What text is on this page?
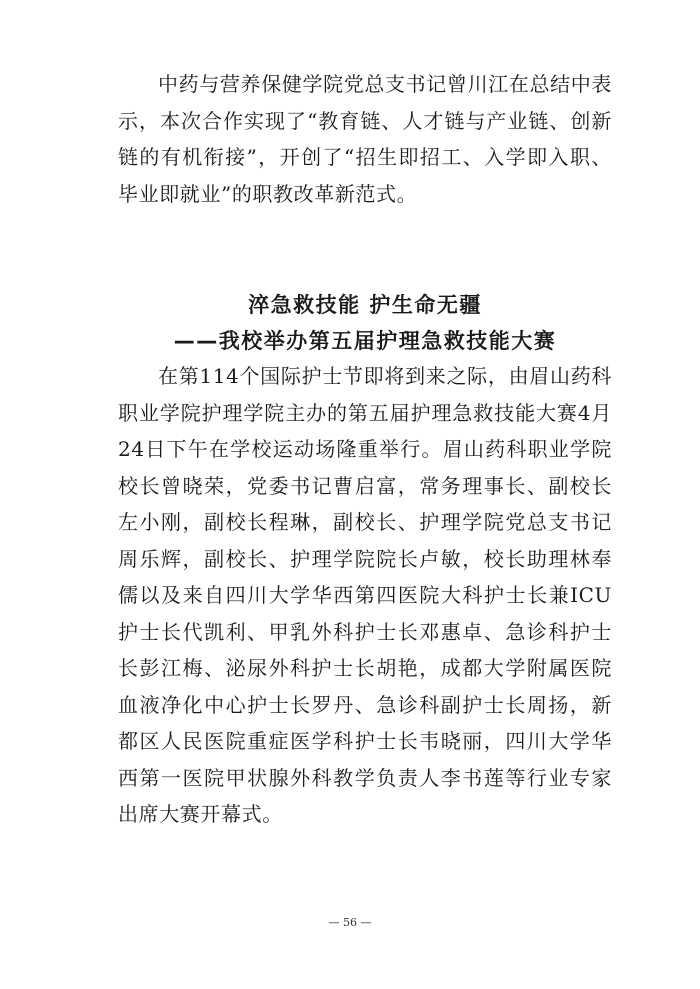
中药与营养保健学院党总支书记曾川江在总结中表示，本次合作实现了“教育链、人才链与产业链、创新链的有机衔接”，开创了“招生即招工、入学即入职、毕业即就业”的职教改革新范式。

淬急救技能 护生命无疆
——我校举办第五届护理急救技能大赛

在第114个国际护士节即将到来之际，由眉山药科职业学院护理学院主办的第五届护理急救技能大赛4月24日下午在学校运动场隆重举行。眉山药科职业学院校长曾晓荣，党委书记曹启富，常务理事长、副校长左小刚，副校长程琳，副校长、护理学院党总支书记周乐辉，副校长、护理学院院长卢敏，校长助理林奉儒以及来自四川大学华西第四医院大科护士长兼ICU护士长代凯利、甲乳外科护士长邓惠卓、急诊科护士长彭江梅、泌尿外科护士长胡艳，成都大学附属医院血液净化中心护士长罗丹、急诊科副护士长周扬，新都区人民医院重症医学科护士长韦晓丽，四川大学华西第一医院甲状腺外科教学负责人李书莲等行业专家出席大赛开幕式。

— 56 —
